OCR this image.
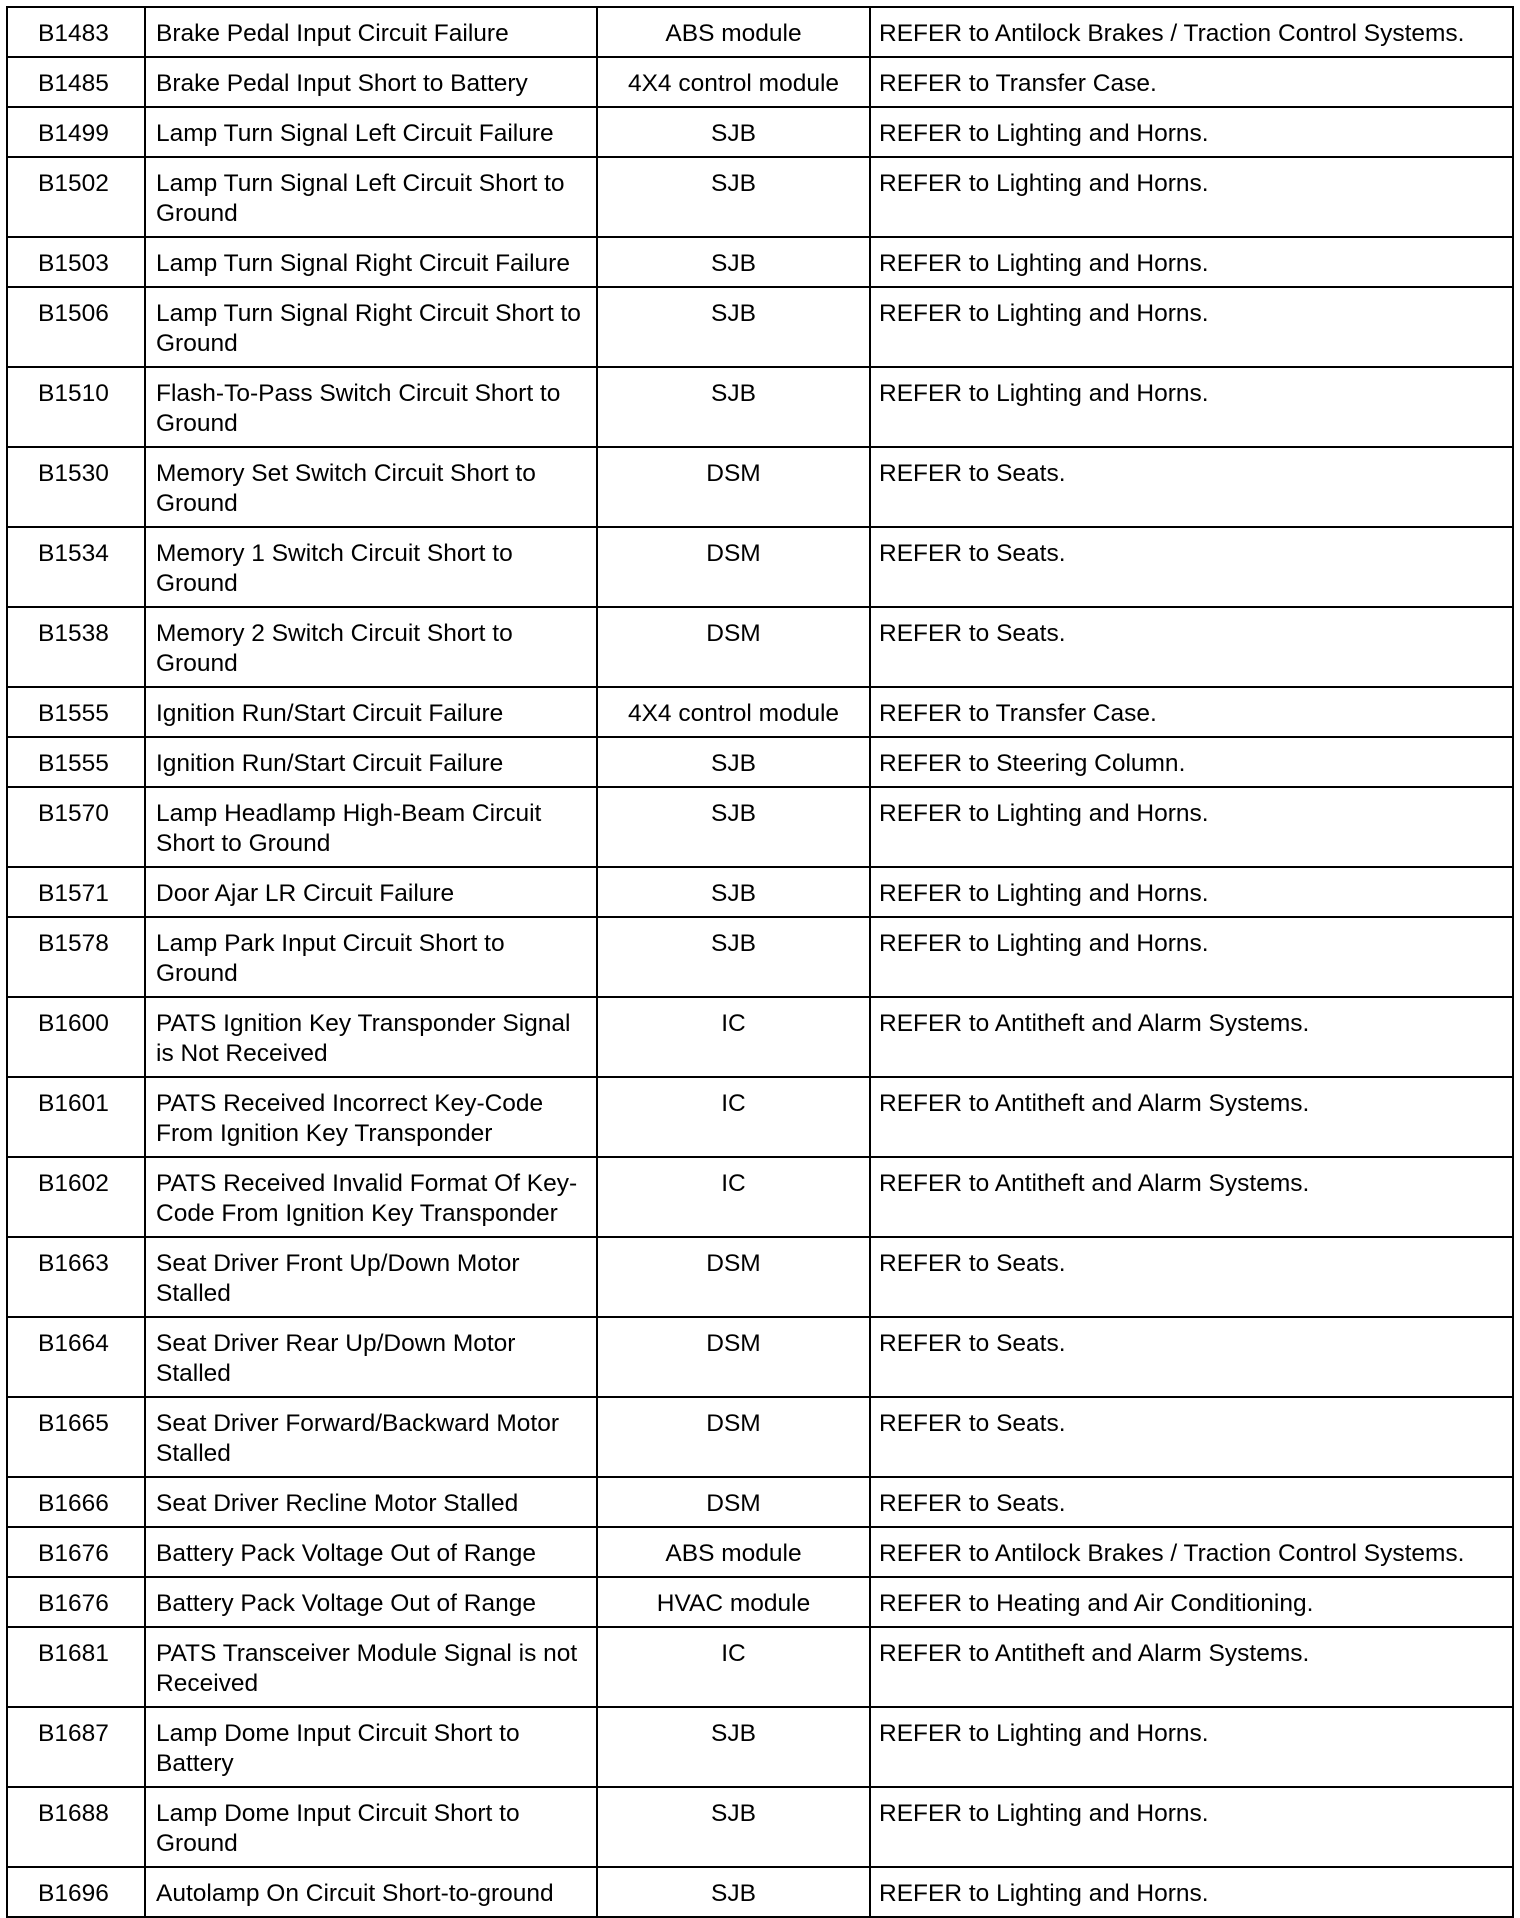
B1483	Brake Pedal Input Circuit Failure	ABS module	REFER to Antilock Brakes / Traction Control Systems.
B1485	Brake Pedal Input Short to Battery	4X4 control module	REFER to Transfer Case.
B1499	Lamp Turn Signal Left Circuit Failure	SJB	REFER to Lighting and Horns.
B1502	Lamp Turn Signal Left Circuit Short to Ground	SJB	REFER to Lighting and Horns.
B1503	Lamp Turn Signal Right Circuit Failure	SJB	REFER to Lighting and Horns.
B1506	Lamp Turn Signal Right Circuit Short to Ground	SJB	REFER to Lighting and Horns.
B1510	Flash-To-Pass Switch Circuit Short to Ground	SJB	REFER to Lighting and Horns.
B1530	Memory Set Switch Circuit Short to Ground	DSM	REFER to Seats.
B1534	Memory 1 Switch Circuit Short to Ground	DSM	REFER to Seats.
B1538	Memory 2 Switch Circuit Short to Ground	DSM	REFER to Seats.
B1555	Ignition Run/Start Circuit Failure	4X4 control module	REFER to Transfer Case.
B1555	Ignition Run/Start Circuit Failure	SJB	REFER to Steering Column.
B1570	Lamp Headlamp High-Beam Circuit Short to Ground	SJB	REFER to Lighting and Horns.
B1571	Door Ajar LR Circuit Failure	SJB	REFER to Lighting and Horns.
B1578	Lamp Park Input Circuit Short to Ground	SJB	REFER to Lighting and Horns.
B1600	PATS Ignition Key Transponder Signal is Not Received	IC	REFER to Antitheft and Alarm Systems.
B1601	PATS Received Incorrect Key-Code From Ignition Key Transponder	IC	REFER to Antitheft and Alarm Systems.
B1602	PATS Received Invalid Format Of Key-Code From Ignition Key Transponder	IC	REFER to Antitheft and Alarm Systems.
B1663	Seat Driver Front Up/Down Motor Stalled	DSM	REFER to Seats.
B1664	Seat Driver Rear Up/Down Motor Stalled	DSM	REFER to Seats.
B1665	Seat Driver Forward/Backward Motor Stalled	DSM	REFER to Seats.
B1666	Seat Driver Recline Motor Stalled	DSM	REFER to Seats.
B1676	Battery Pack Voltage Out of Range	ABS module	REFER to Antilock Brakes / Traction Control Systems.
B1676	Battery Pack Voltage Out of Range	HVAC module	REFER to Heating and Air Conditioning.
B1681	PATS Transceiver Module Signal is not Received	IC	REFER to Antitheft and Alarm Systems.
B1687	Lamp Dome Input Circuit Short to Battery	SJB	REFER to Lighting and Horns.
B1688	Lamp Dome Input Circuit Short to Ground	SJB	REFER to Lighting and Horns.
B1696	Autolamp On Circuit Short-to-ground	SJB	REFER to Lighting and Horns.
